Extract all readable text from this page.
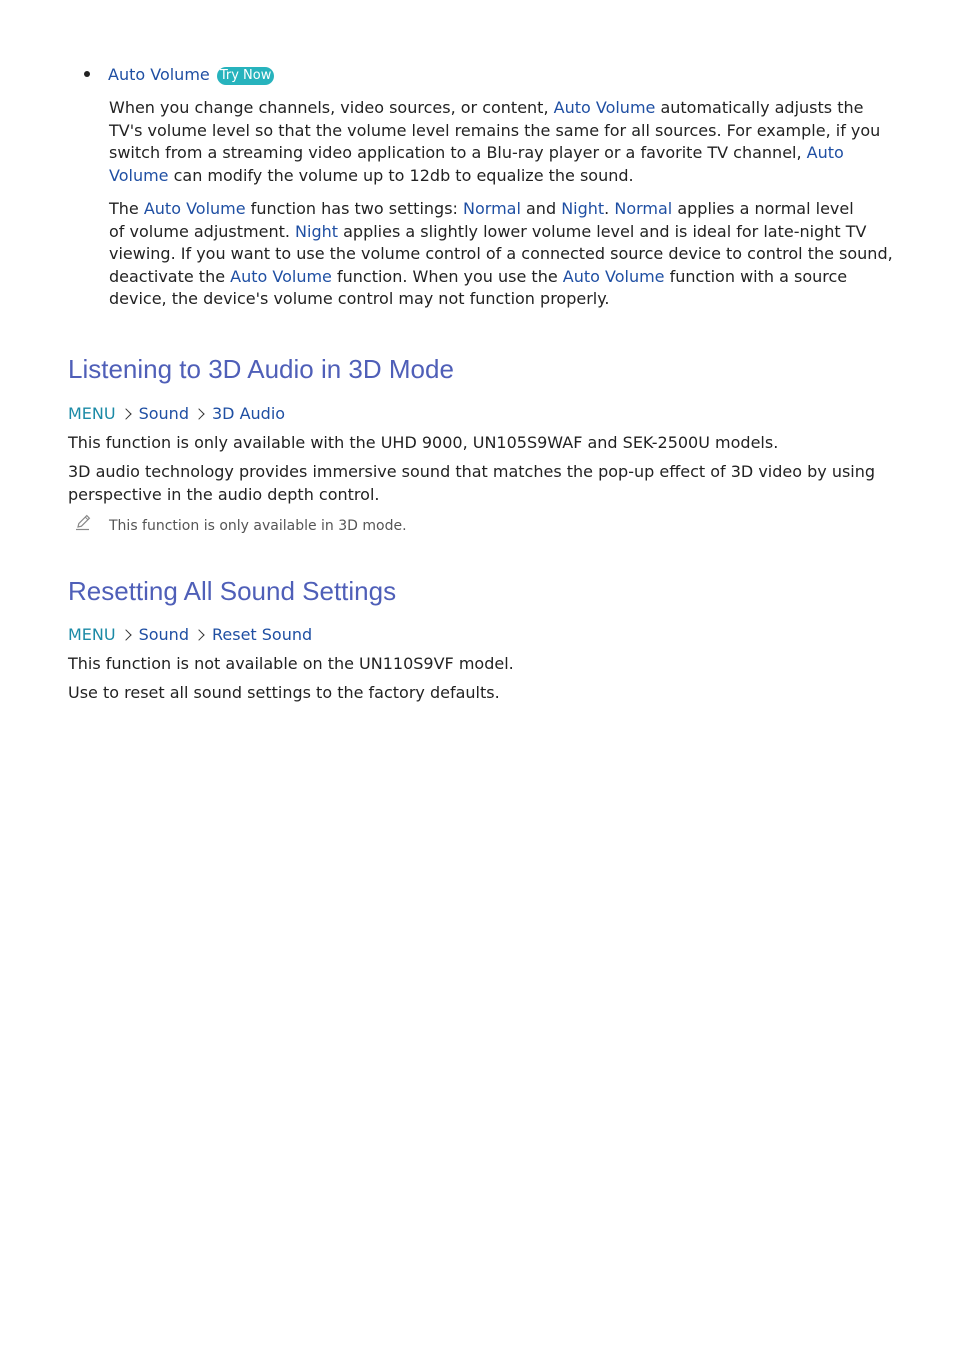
Auto Volume Try Now
When you change channels, video sources, or content, Auto Volume automatically adjusts the
TV's volume level so that the volume level remains the same for all sources. For example, if you
switch from a streaming video application to a Blu-ray player or a favorite TV channel, Auto
Volume can modify the volume up to 12db to equalize the sound.
The Auto Volume function has two settings: Normal and Night. Normal applies a normal level
of volume adjustment. Night applies a slightly lower volume level and is ideal for late-night TV
viewing. If you want to use the volume control of a connected source device to control the sound,
deactivate the Auto Volume function. When you use the Auto Volume function with a source
device, the device's volume control may not function properly.
Listening to 3D Audio in 3D Mode
MENU Sound 3D Audio
This function is only available with the UHD 9000, UN105S9WAF and SEK-2500U models.
3D audio technology provides immersive sound that matches the pop-up effect of 3D video by using
perspective in the audio depth control.
This function is only available in 3D mode.
Resetting All Sound Settings
MENU Sound Reset Sound
This function is not available on the UN110S9VF model.
Use to reset all sound settings to the factory defaults.
